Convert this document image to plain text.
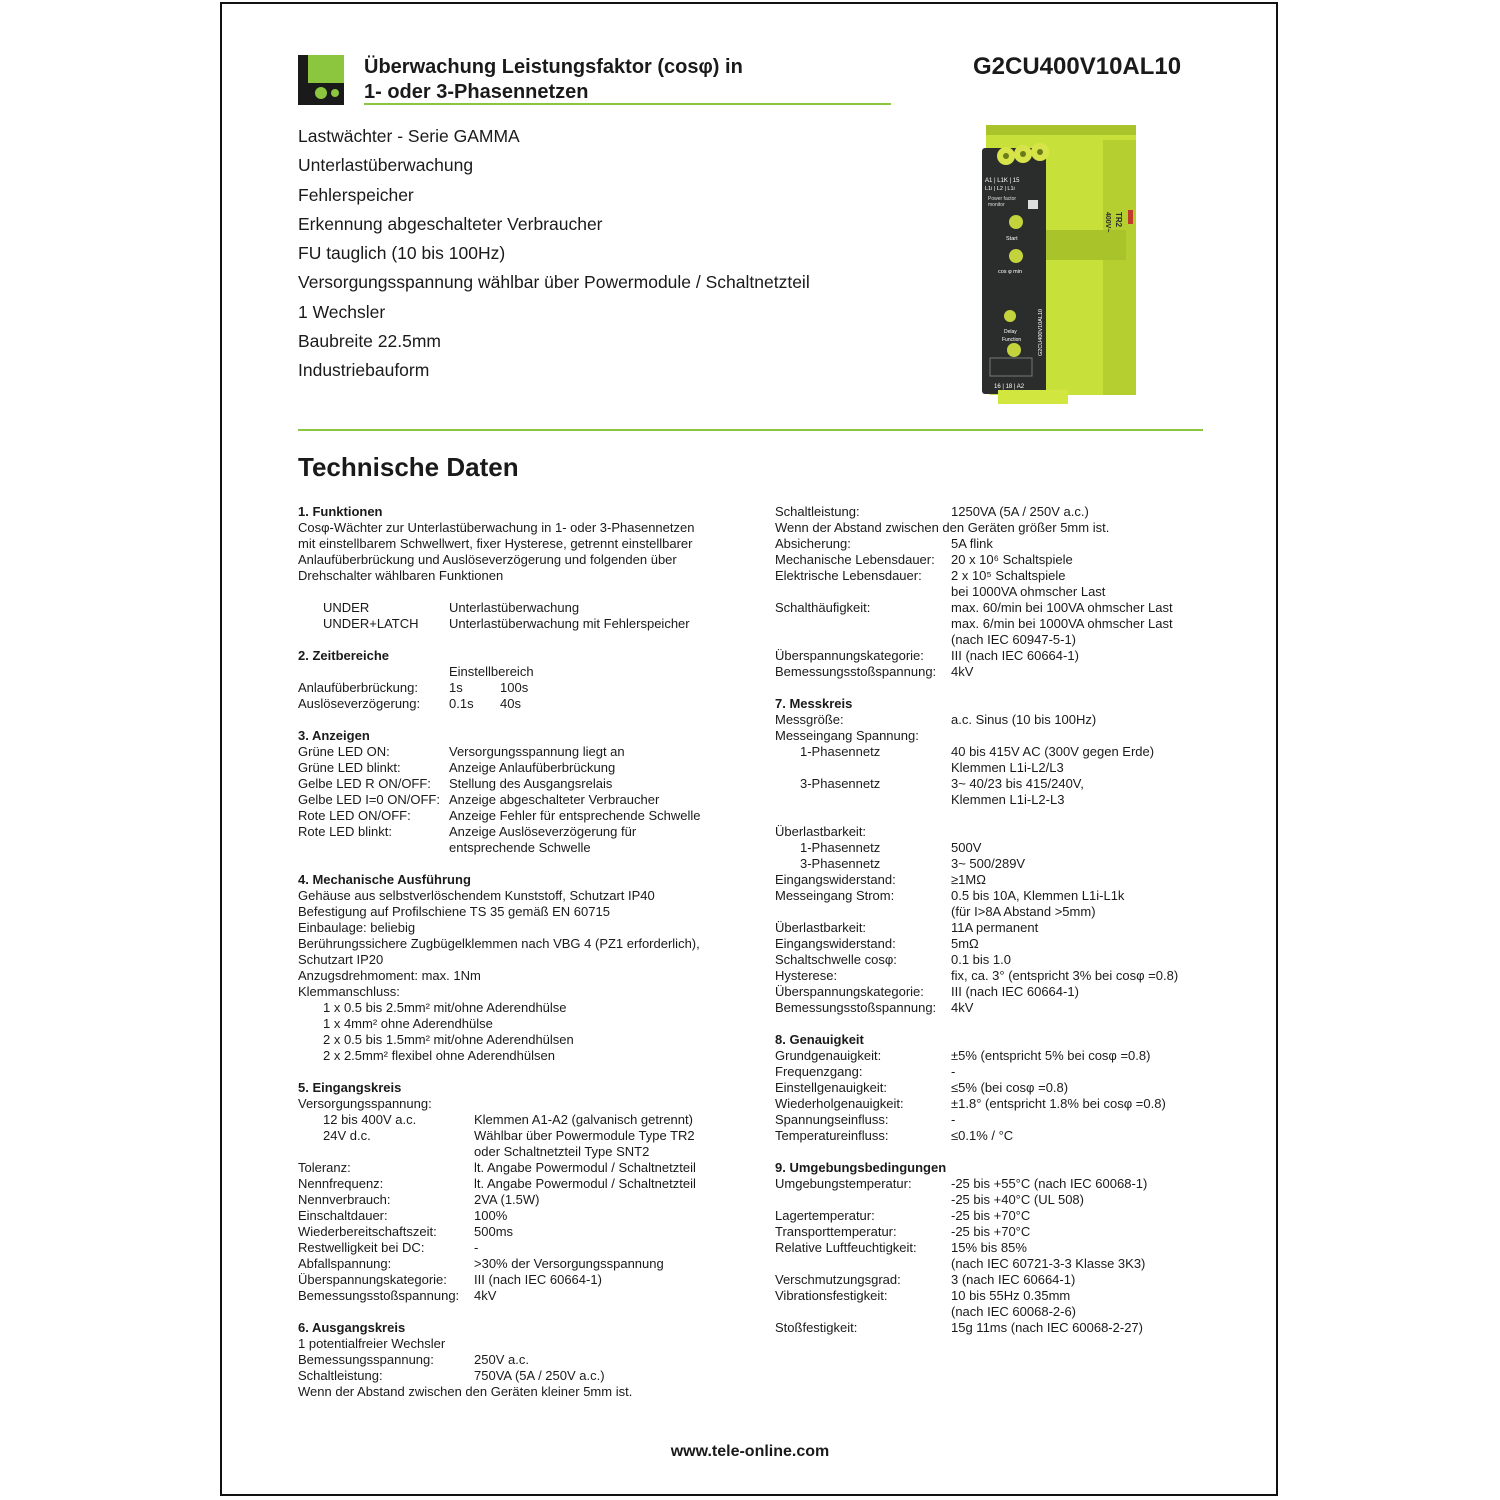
Überwachung Leistungsfaktor (cosφ) in
1- oder 3-Phasennetzen
G2CU400V10AL10
Lastwächter - Serie GAMMA
Unterlastüberwachung
Fehlerspeicher
Erkennung abgeschalteter Verbraucher
FU tauglich (10 bis 100Hz)
Versorgungsspannung wählbar über Powermodule / Schaltnetzteil
1 Wechsler
Baubreite 22.5mm
Industriebauform
A1 | L1K | 15
L1i | L2 | L1i
Power factor
monitor
Start
cos φ min
Delay
Function
16 | 18 | A2
G2CU400V10AL10
TR2
400V~
Technische Daten
1. Funktionen

Cosφ-Wächter zur Unterlastüberwachung in 1- oder 3-Phasennetzen

mit einstellbarem Schwellwert, fixer Hysterese, getrennt einstellbarer

Anlaufüberbrückung und Auslöseverzögerung und folgenden über

Drehschalter wählbaren Funktionen

UNDER	Unterlastüberwachung
UNDER+LATCH	Unterlastüberwachung mit Fehlerspeicher
2. Zeitbereiche
Einstellbereich
Anlaufüberbrückung:	1s	100s
Auslöseverzögerung:	0.1s 40s
3. Anzeigen
Grüne LED ON:	Versorgungsspannung liegt an
Grüne LED blinkt:	Anzeige Anlaufüberbrückung
Gelbe LED R ON/OFF:	Stellung des Ausgangsrelais
Gelbe LED I=0 ON/OFF: Anzeige abgeschalteter Verbraucher
Rote LED ON/OFF:	Anzeige Fehler für entsprechende Schwelle
Rote LED blinkt:	Anzeige Auslöseverzögerung für
entsprechende Schwelle
4. Mechanische Ausführung

Gehäuse aus selbstverlöschendem Kunststoff, Schutzart IP40

Befestigung auf Profilschiene TS 35 gemäß EN 60715

Einbaulage: beliebig

Berührungssichere Zugbügelklemmen nach VBG 4 (PZ1 erforderlich),

Schutzart IP20

Anzugsdrehmoment: max. 1Nm

Klemmanschluss:

1 x 0.5 bis 2.5mm² mit/ohne Aderendhülse

1 x 4mm² ohne Aderendhülse

2 x 0.5 bis 1.5mm² mit/ohne Aderendhülsen

2 x 2.5mm² flexibel ohne Aderendhülsen

5. Eingangskreis

Versorgungsspannung:

12 bis 400V a.c.	Klemmen A1-A2 (galvanisch getrennt)
24V d.c.	Wählbar über Powermodule Type TR2
oder Schaltnetzteil Type SNT2
Toleranz:	lt. Angabe Powermodul / Schaltnetzteil
Nennfrequenz:	lt. Angabe Powermodul / Schaltnetzteil
Nennverbrauch:	2VA (1.5W)
Einschaltdauer:	100%
Wiederbereitschaftszeit:	500ms
Restwelligkeit bei DC:	-
Abfallspannung:	>30% der Versorgungsspannung
Überspannungskategorie:	III (nach IEC 60664-1)
Bemessungsstoßspannung:	4kV
6. Ausgangskreis

1 potentialfreier Wechsler

Bemessungsspannung:	250V a.c.
Schaltleistung:	750VA (5A / 250V a.c.)

Wenn der Abstand zwischen den Geräten kleiner 5mm ist.

Schaltleistung:	1250VA (5A / 250V a.c.)

Wenn der Abstand zwischen den Geräten größer 5mm ist.

Absicherung:	5A flink
Mechanische Lebensdauer:	20 x 10⁶ Schaltspiele
Elektrische Lebensdauer:	2 x 10⁵ Schaltspiele
bei 1000VA ohmscher Last
Schalthäufigkeit:	max. 60/min bei 100VA ohmscher Last
max. 6/min bei 1000VA ohmscher Last
(nach IEC 60947-5-1)
Überspannungskategorie:	III (nach IEC 60664-1)
Bemessungsstoßspannung:	4kV
7. Messkreis
Messgröße:	a.c. Sinus (10 bis 100Hz)
Messeingang Spannung:
1-Phasennetz	40 bis 415V AC (300V gegen Erde)
Klemmen L1i-L2/L3
3-Phasennetz	3~ 40/23 bis 415/240V,
Klemmen L1i-L2-L3
Überlastbarkeit:
1-Phasennetz	500V
3-Phasennetz	3~ 500/289V
Eingangswiderstand:	≥1MΩ
Messeingang Strom:	0.5 bis 10A, Klemmen L1i-L1k
(für I>8A Abstand >5mm)
Überlastbarkeit:	11A permanent
Eingangswiderstand:	5mΩ
Schaltschwelle cosφ:	0.1 bis 1.0
Hysterese:	fix, ca. 3° (entspricht 3% bei cosφ =0.8)
Überspannungskategorie:	III (nach IEC 60664-1)
Bemessungsstoßspannung:	4kV
8. Genauigkeit
Grundgenauigkeit:	±5% (entspricht 5% bei cosφ =0.8)
Frequenzgang:	-
Einstellgenauigkeit:	≤5% (bei cosφ =0.8)
Wiederholgenauigkeit:	±1.8° (entspricht 1.8% bei cosφ =0.8)
Spannungseinfluss:	-
Temperatureinfluss:	≤0.1% / °C
9. Umgebungsbedingungen
Umgebungstemperatur:	-25 bis +55°C (nach IEC 60068-1)
-25 bis +40°C (UL 508)
Lagertemperatur:	-25 bis +70°C
Transporttemperatur:	-25 bis +70°C
Relative Luftfeuchtigkeit:	15% bis 85%
(nach IEC 60721-3-3 Klasse 3K3)
Verschmutzungsgrad:	3 (nach IEC 60664-1)
Vibrationsfestigkeit:	10 bis 55Hz 0.35mm
(nach IEC 60068-2-6)
Stoßfestigkeit:	15g 11ms (nach IEC 60068-2-27)
www.tele-online.com
